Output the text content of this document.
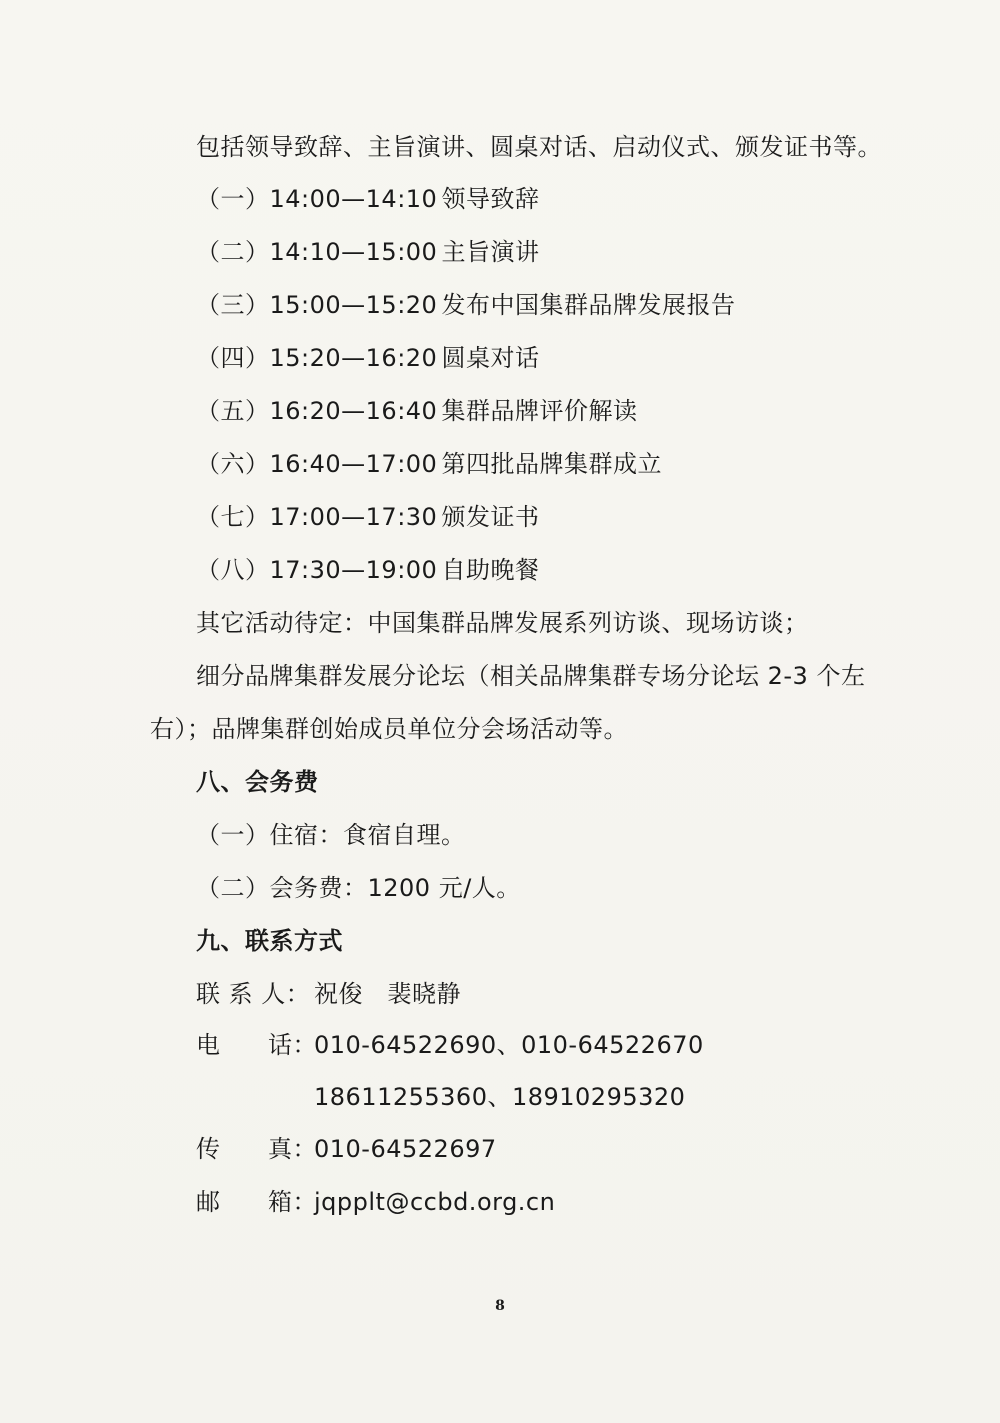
包括领导致辞、主旨演讲、圆桌对话、启动仪式、颁发证书等。
（一）14:00—14:10 领导致辞
（二）14:10—15:00 主旨演讲
（三）15:00—15:20 发布中国集群品牌发展报告
（四）15:20—16:20 圆桌对话
（五）16:20—16:40 集群品牌评价解读
（六）16:40—17:00 第四批品牌集群成立
（七）17:00—17:30 颁发证书
（八）17:30—19:00 自助晚餐
其它活动待定：中国集群品牌发展系列访谈、现场访谈；
细分品牌集群发展分论坛（相关品牌集群专场分论坛 2-3 个左
右）；品牌集群创始成员单位分会场活动等。
八、会务费
（一）住宿：食宿自理。
（二）会务费：1200 元/人。
九、联系方式
联 系 人： 祝俊　裴晓静
电 话：010-64522690、010-64522670
18611255360、18910295320
传 真：010-64522697
邮 箱：jqpplt@ccbd.org.cn
8
